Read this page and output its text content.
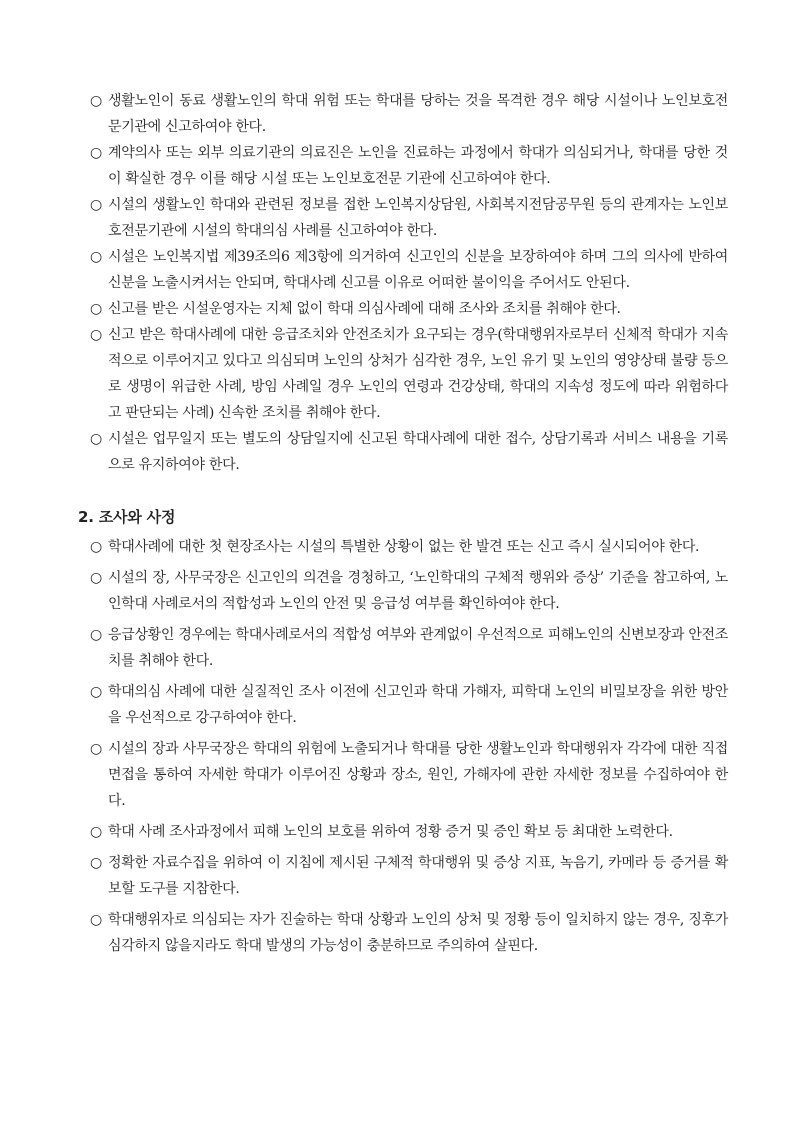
○ 생활노인이 동료 생활노인의 학대 위험 또는 학대를 당하는 것을 목격한 경우 해당 시설이나 노인보호전문기관에 신고하여야 한다.
○ 계약의사 또는 외부 의료기관의 의료진은 노인을 진료하는 과정에서 학대가 의심되거나, 학대를 당한 것이 확실한 경우 이를 해당 시설 또는 노인보호전문 기관에 신고하여야 한다.
○ 시설의 생활노인 학대와 관련된 정보를 접한 노인복지상담원, 사회복지전담공무원 등의 관계자는 노인보호전문기관에 시설의 학대의심 사례를 신고하여야 한다.
○ 시설은 노인복지법 제39조의6 제3항에 의거하여 신고인의 신분을 보장하여야 하며 그의 의사에 반하여 신분을 노출시켜서는 안되며, 학대사례 신고를 이유로 어떠한 불이익을 주어서도 안된다.
○ 신고를 받은 시설운영자는 지체 없이 학대 의심사례에 대해 조사와 조치를 취해야 한다.
○ 신고 받은 학대사례에 대한 응급조치와 안전조치가 요구되는 경우(학대행위자로부터 신체적 학대가 지속적으로 이루어지고 있다고 의심되며 노인의 상처가 심각한 경우, 노인 유기 및 노인의 영양상태 불량 등으로 생명이 위급한 사례, 방임 사례일 경우 노인의 연령과 건강상태, 학대의 지속성 정도에 따라 위험하다고 판단되는 사례) 신속한 조치를 취해야 한다.
○ 시설은 업무일지 또는 별도의 상담일지에 신고된 학대사례에 대한 접수, 상담기록과 서비스 내용을 기록으로 유지하여야 한다.
2. 조사와 사정
○ 학대사례에 대한 첫 현장조사는 시설의 특별한 상황이 없는 한 발견 또는 신고 즉시 실시되어야 한다.
○ 시설의 장, 사무국장은 신고인의 의견을 경청하고, ‘노인학대의 구체적 행위와 증상’ 기준을 참고하여, 노인학대 사례로서의 적합성과 노인의 안전 및 응급성 여부를 확인하여야 한다.
○ 응급상황인 경우에는 학대사례로서의 적합성 여부와 관계없이 우선적으로 피해노인의 신변보장과 안전조치를 취해야 한다.
○ 학대의심 사례에 대한 실질적인 조사 이전에 신고인과 학대 가해자, 피학대 노인의 비밀보장을 위한 방안을 우선적으로 강구하여야 한다.
○ 시설의 장과 사무국장은 학대의 위험에 노출되거나 학대를 당한 생활노인과 학대행위자 각각에 대한 직접 면접을 통하여 자세한 학대가 이루어진 상황과 장소, 원인, 가해자에 관한 자세한 정보를 수집하여야 한다.
○ 학대 사례 조사과정에서 피해 노인의 보호를 위하여 정황 증거 및 증인 확보 등 최대한 노력한다.
○ 정확한 자료수집을 위하여 이 지침에 제시된 구체적 학대행위 및 증상 지표, 녹음기, 카메라 등 증거를 확보할 도구를 지참한다.
○ 학대행위자로 의심되는 자가 진술하는 학대 상황과 노인의 상처 및 정황 등이 일치하지 않는 경우, 징후가 심각하지 않을지라도 학대 발생의 가능성이 충분하므로 주의하여 살핀다.
